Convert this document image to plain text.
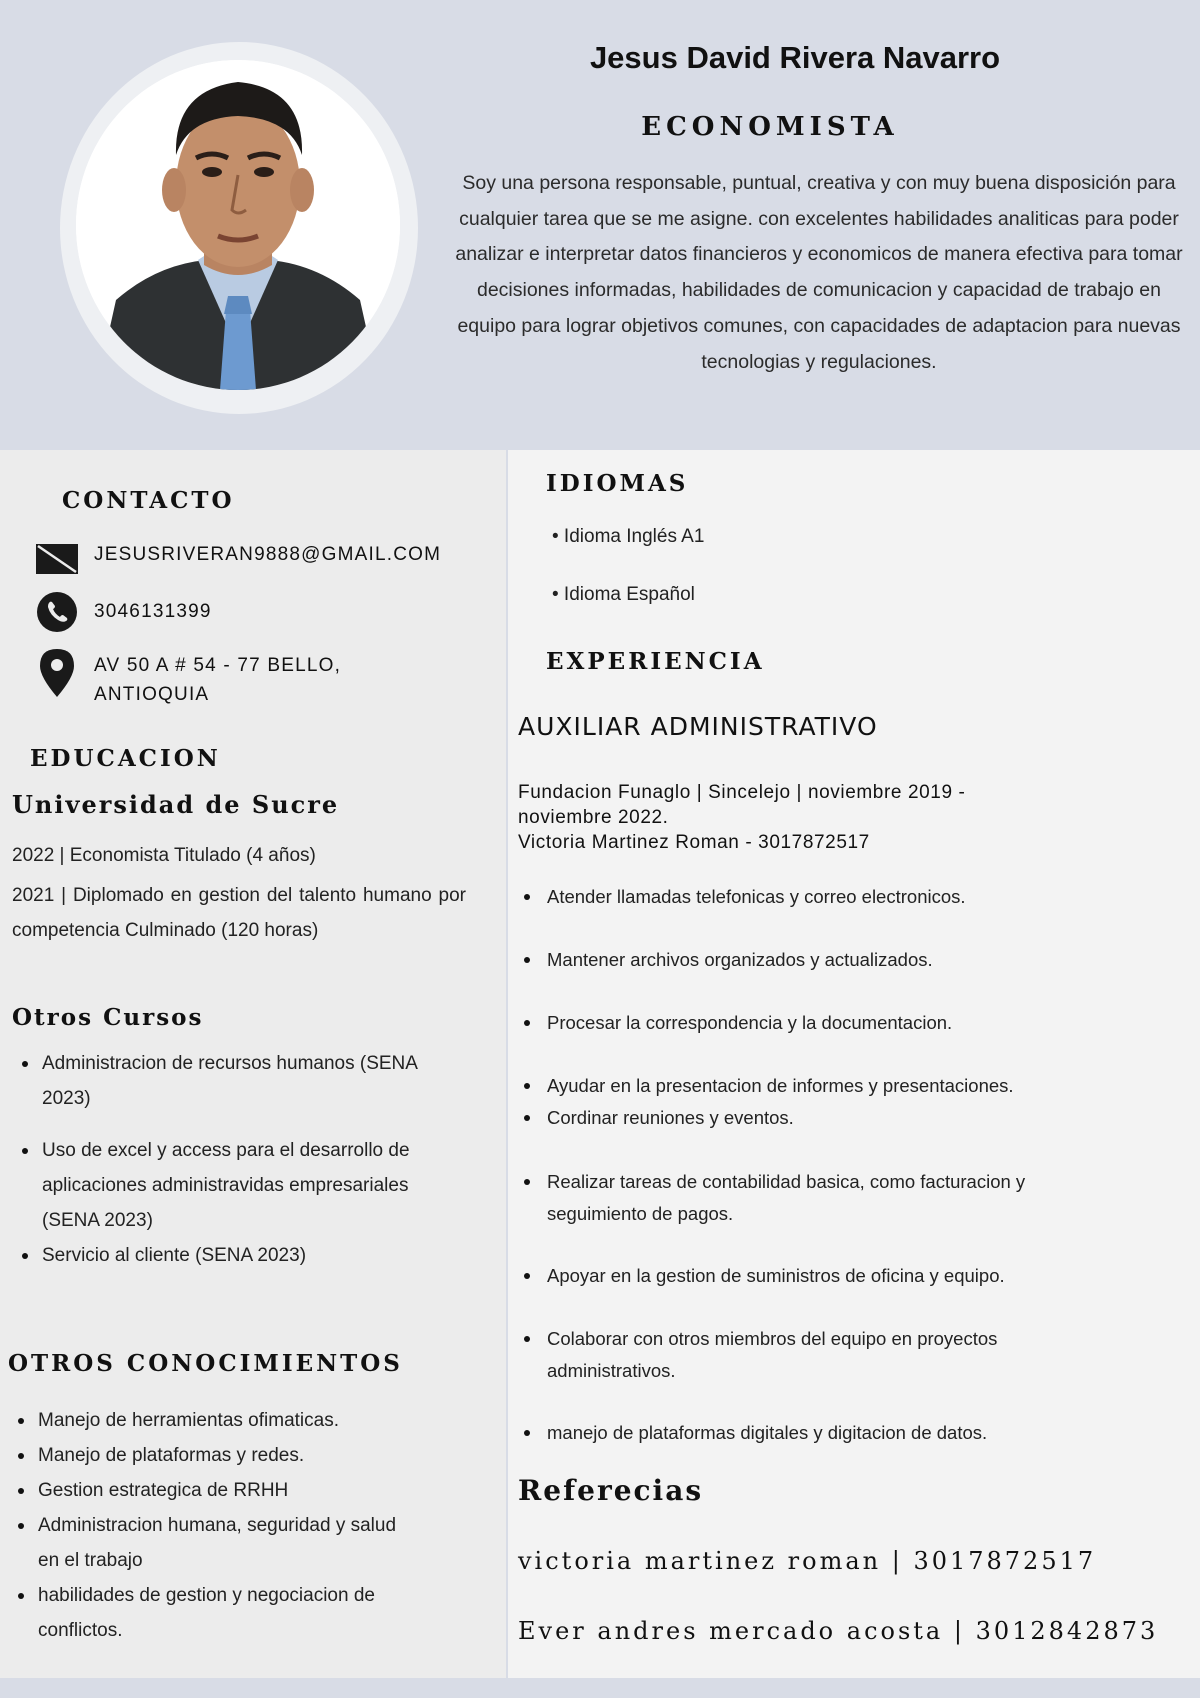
Jesus David Rivera Navarro
ECONOMISTA
Soy una persona responsable, puntual, creativa y con muy buena disposición para cualquier tarea que se me asigne. con excelentes habilidades analiticas para poder analizar e interpretar datos financieros y economicos de manera efectiva para tomar decisiones informadas, habilidades de comunicacion y capacidad de trabajo en equipo para lograr objetivos comunes, con capacidades de adaptacion para nuevas tecnologias y regulaciones.
CONTACTO
JESUSRIVERAN9888@GMAIL.COM
3046131399
AV 50 A # 54 - 77 BELLO,
ANTIOQUIA
EDUCACION
Universidad de Sucre
2022 | Economista Titulado (4 años)
2021 | Diplomado en gestion del talento humano por competencia Culminado (120 horas)
Otros Cursos
Administracion de recursos humanos (SENA 2023)
Uso de excel y access para el desarrollo de aplicaciones administravidas empresariales (SENA 2023)
Servicio al cliente (SENA 2023)
OTROS CONOCIMIENTOS
Manejo de herramientas ofimaticas.
Manejo de plataformas y redes.
Gestion estrategica de RRHH
Administracion humana, seguridad y salud en el trabajo
habilidades de gestion y negociacion de conflictos.
IDIOMAS
• Idioma Inglés A1
• Idioma Español
EXPERIENCIA
AUXILIAR ADMINISTRATIVO
Fundacion Funaglo | Sincelejo | noviembre 2019 -
noviembre 2022.
Victoria Martinez Roman - 3017872517
Atender llamadas telefonicas y correo electronicos.
Mantener archivos organizados y actualizados.
Procesar la correspondencia y la documentacion.
Ayudar en la presentacion de informes y presentaciones.
Cordinar reuniones y eventos.
Realizar tareas de contabilidad basica, como facturacion y seguimiento de pagos.
Apoyar en la gestion de suministros de oficina y equipo.
Colaborar con otros miembros del equipo en proyectos administrativos.
manejo de plataformas digitales y digitacion de datos.
Referecias
victoria martinez roman | 3017872517
Ever andres mercado acosta | 3012842873
